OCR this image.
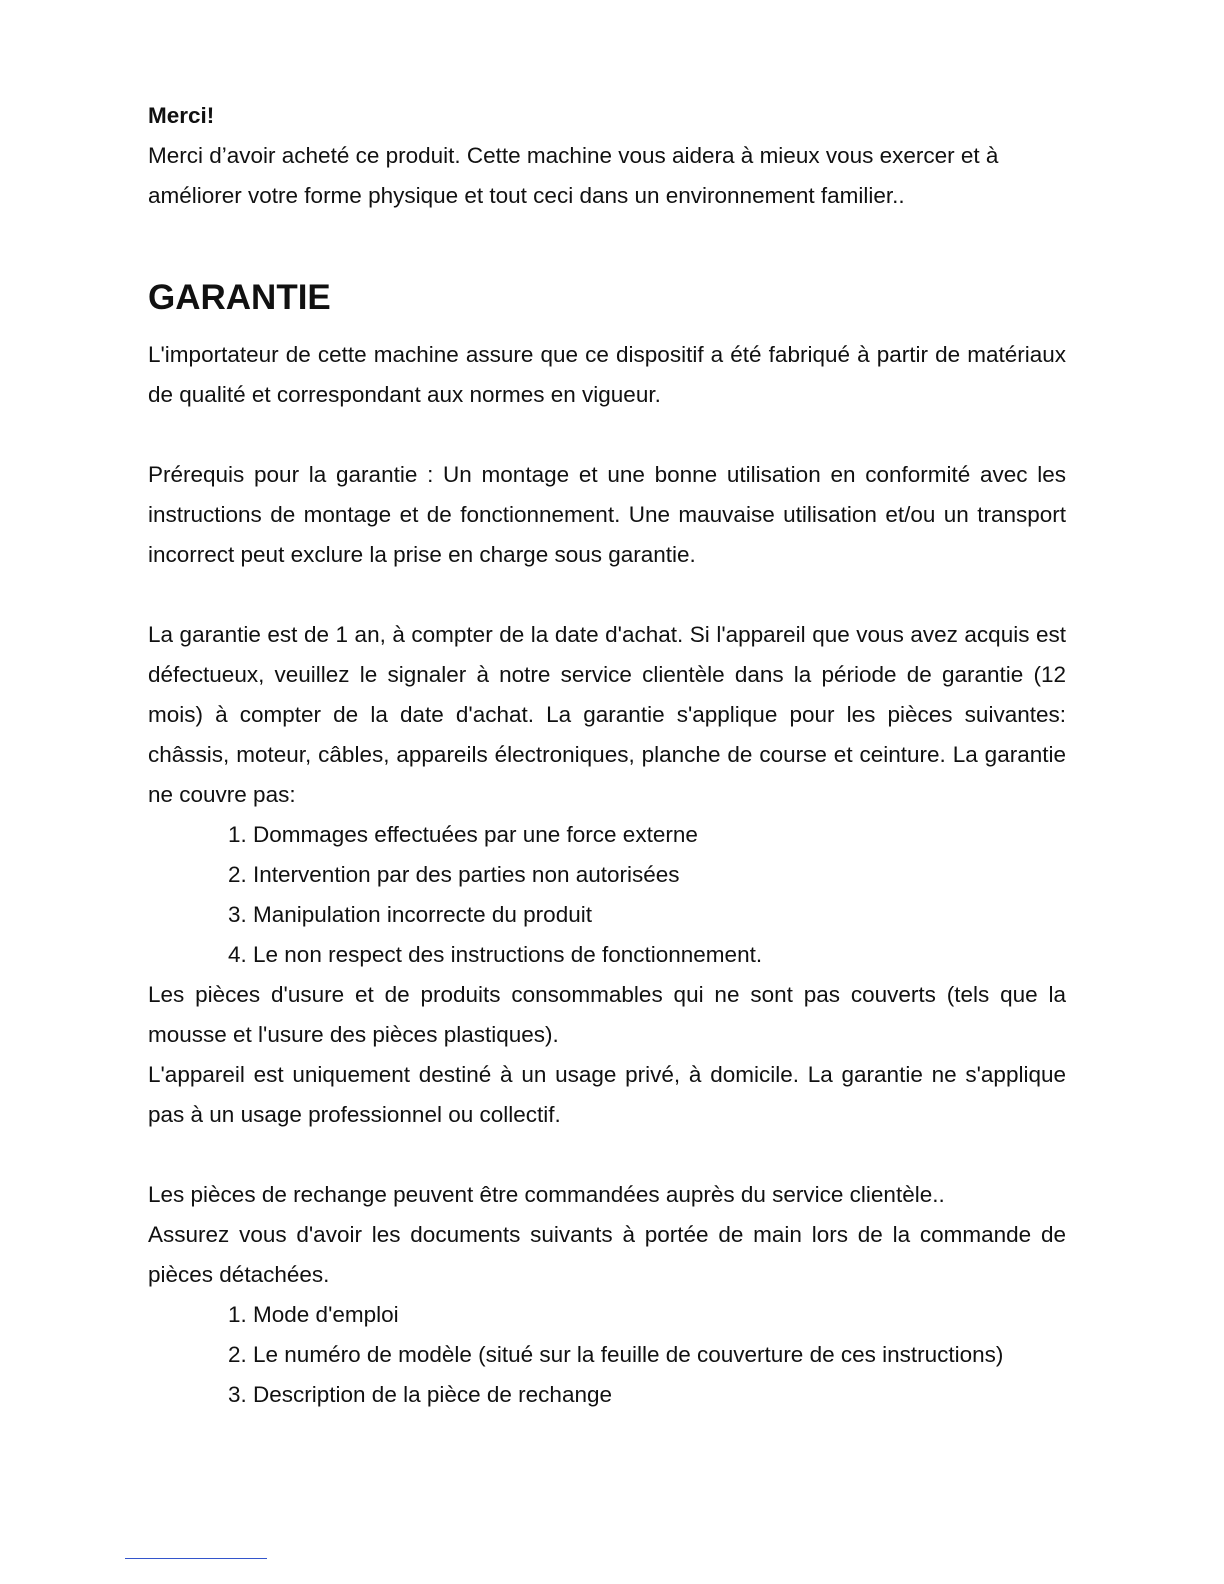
Merci!

Merci d’avoir acheté ce produit. Cette machine vous aidera à mieux vous exercer et à améliorer votre forme physique et tout ceci dans un environnement familier..

GARANTIE

L'importateur de cette machine assure que ce dispositif a été fabriqué à partir de matériaux de qualité et correspondant aux normes en vigueur.

Prérequis pour la garantie : Un montage et une bonne utilisation en conformité avec les instructions de montage et de fonctionnement. Une mauvaise utilisation et/ou un transport incorrect peut exclure la prise en charge sous garantie.

La garantie est de 1 an, à compter de la date d'achat. Si l'appareil que vous avez acquis est défectueux, veuillez le signaler à notre service clientèle dans la période de garantie (12 mois) à compter de la date d'achat. La garantie s'applique pour les pièces suivantes: châssis, moteur, câbles, appareils électroniques, planche de course et ceinture. La garantie ne couvre pas:

1. Dommages effectuées par une force externe
2. Intervention par des parties non autorisées
3. Manipulation incorrecte du produit
4. Le non respect des instructions de fonctionnement.

Les pièces d'usure et de produits consommables qui ne sont pas couverts (tels que la mousse et l'usure des pièces plastiques).

L'appareil est uniquement destiné à un usage privé, à domicile. La garantie ne s'applique pas à un usage professionnel ou collectif.

Les pièces de rechange peuvent être commandées auprès du service clientèle..

Assurez vous d'avoir les documents suivants à portée de main lors de la commande de pièces détachées.

1. Mode d'emploi
2. Le numéro de modèle (situé sur la feuille de couverture de ces instructions)
3. Description de la pièce de rechange
